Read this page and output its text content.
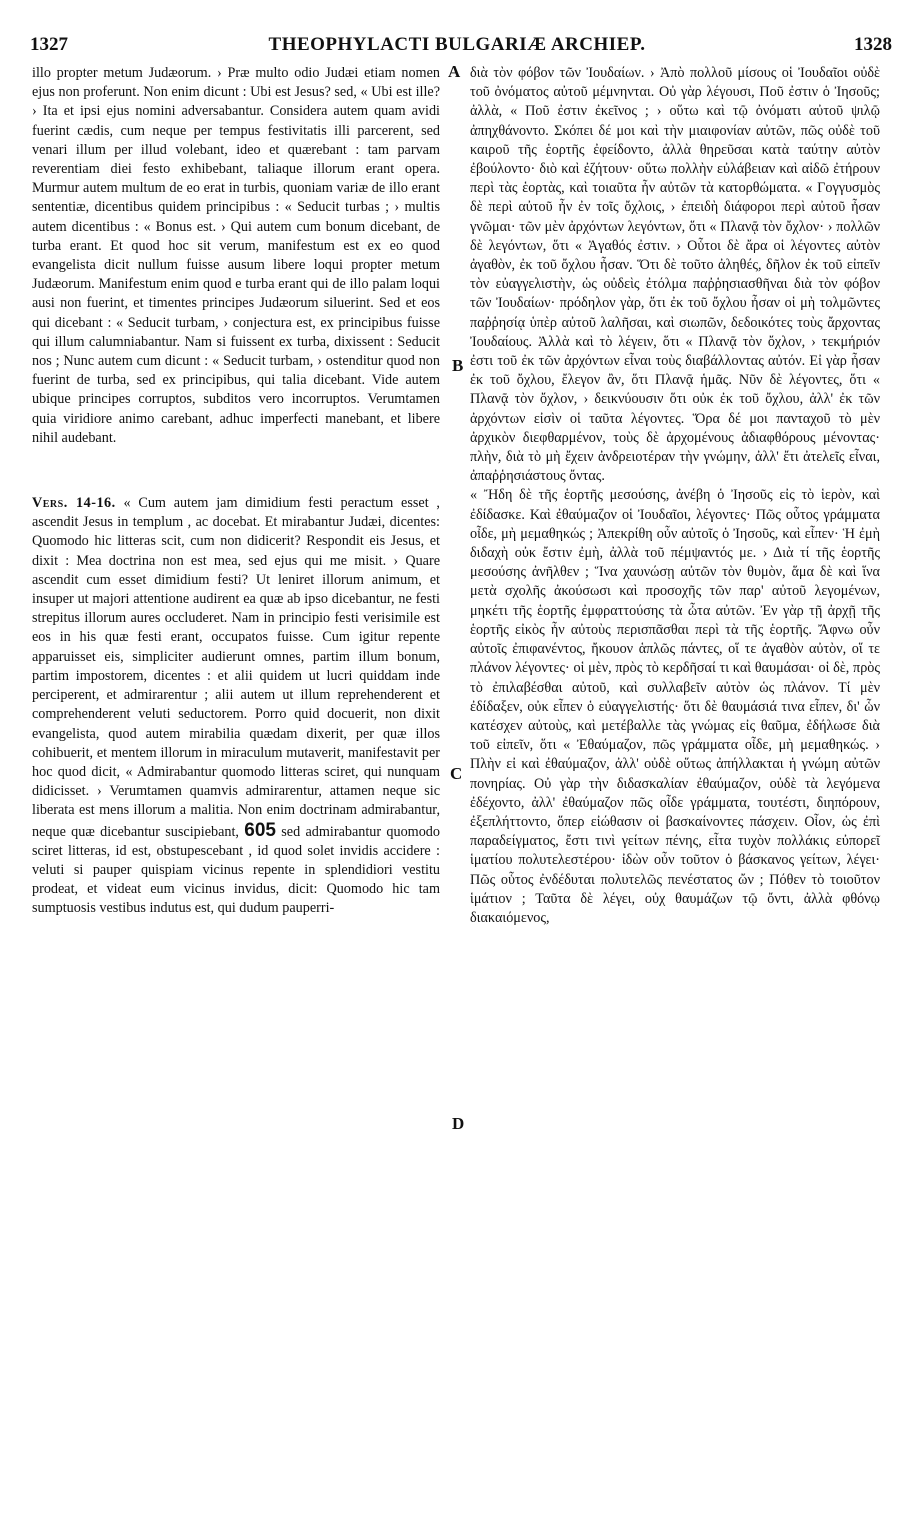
1327	THEOPHYLACTI BULGARIÆ ARCHIEP.	1328

illo propter metum Judæorum. › Præ multo odio Judæi etiam nomen ejus non proferunt. Non enim dicunt : Ubi est Jesus? sed, « Ubi est ille? › Ita et ipsi ejus nomini adversabantur. Considera autem quam avidi fuerint cædis, cum neque per tempus festivitatis illi parcerent, sed venari illum per illud volebant, ideo et quærebant : tam parvam reverentiam diei festo exhibebant, taliaque illorum erant opera. Murmur autem multum de eo erat in turbis, quoniam variæ de illo erant sententiæ, dicentibus quidem principibus : « Seducit turbas ; › multis autem dicentibus : « Bonus est. › Qui autem cum bonum dicebant, de turba erant. Et quod hoc sit verum, manifestum est ex eo quod evangelista dicit nullum fuisse ausum libere loqui propter metum Judæorum. Manifestum enim quod e turba erant qui de illo palam loqui ausi non fuerint, et timentes principes Judæorum siluerint. Sed et eos qui dicebant : « Seducit turbam, › conjectura est, ex principibus fuisse qui illum calumniabantur. Nam si fuissent ex turba, dixissent : Seducit nos ; Nunc autem cum dicunt : « Seducit turbam, › ostenditur quod non fuerint de turba, sed ex principibus, qui talia dicebant. Vide autem ubique principes corruptos, subditos vero incorruptos. Verumtamen quia viridiore animo carebant, adhuc imperfecti manebant, et libere nihil audebant.

Vers. 14-16. « Cum autem jam dimidium festi peractum esset , ascendit Jesus in templum , ac docebat. Et mirabantur Judæi, dicentes: Quomodo hic litteras scit, cum non didicerit? Respondit eis Jesus, et dixit : Mea doctrina non est mea, sed ejus qui me misit. › Quare ascendit cum esset dimidium festi? Ut leniret illorum animum, et insuper ut majori attentione audirent ea quæ ab ipso dicebantur, ne festi strepitus illorum aures occluderet. Nam in principio festi verisimile est eos in his quæ festi erant, occupatos fuisse. Cum igitur repente apparuisset eis, simpliciter audierunt omnes, partim illum bonum, partim impostorem, dicentes : et alii quidem ut lucri quiddam inde perciperent, et admirarentur ; alii autem ut illum reprehenderent et comprehenderent veluti seductorem. Porro quid docuerit, non dixit evangelista, quod autem mirabilia quædam dixerit, per quæ illos cohibuerit, et mentem illorum in miraculum mutaverit, manifestavit per hoc quod dicit, « Admirabantur quomodo litteras sciret, qui nunquam didicisset. › Verumtamen quamvis admirarentur, attamen neque sic liberata est mens illorum a malitia. Non enim doctrinam admirabantur, neque quæ dicebantur suscipiebant, 605 sed admirabantur quomodo sciret litteras, id est, obstupescebant , id quod solet invidis accidere : veluti si pauper quispiam vicinus repente in splendidiori vestitu prodeat, et videat eum vicinus invidus, dicit: Quomodo hic tam sumptuosis vestibus indutus est, qui dudum pauperri-

A
B
C
D

διὰ τὸν φόβον τῶν Ἰουδαίων. › Ἀπὸ πολλοῦ μίσους οἱ Ἰουδαῖοι οὐδὲ τοῦ ὀνόματος αὐτοῦ μέμνηνται. Οὐ γὰρ λέγουσι, Ποῦ ἐστιν ὁ Ἰησοῦς; ἀλλὰ, « Ποῦ ἐστιν ἐκεῖνος ; › οὕτω καὶ τῷ ὀνόματι αὐτοῦ ψιλῷ ἀπηχθάνοντο. Σκόπει δέ μοι καὶ τὴν μιαιφονίαν αὐτῶν, πῶς οὐδὲ τοῦ καιροῦ τῆς ἑορτῆς ἐφείδοντο, ἀλλὰ θηρεῦσαι κατὰ ταύτην αὐτὸν ἐβούλοντο· διὸ καὶ ἐζήτουν· οὕτω πολλὴν εὐλάβειαν καὶ αἰδῶ ἐτήρουν περὶ τὰς ἑορτὰς, καὶ τοιαῦτα ἦν αὐτῶν τὰ κατορθώματα. « Γογγυσμὸς δὲ περὶ αὐτοῦ ἦν ἐν τοῖς ὄχλοις, › ἐπειδὴ διάφοροι περὶ αὐτοῦ ἦσαν γνῶμαι· τῶν μὲν ἀρχόντων λεγόντων, ὅτι « Πλανᾷ τὸν ὄχλον· › πολλῶν δὲ λεγόντων, ὅτι « Ἀγαθός ἐστιν. › Οὗτοι δὲ ἄρα οἱ λέγοντες αὐτὸν ἀγαθὸν, ἐκ τοῦ ὄχλου ἦσαν. Ὅτι δὲ τοῦτο ἀληθές, δῆλον ἐκ τοῦ εἰπεῖν τὸν εὐαγγελιστὴν, ὡς οὐδεὶς ἐτόλμα παῤῥησιασθῆναι διὰ τὸν φόβον τῶν Ἰουδαίων· πρόδηλον γὰρ, ὅτι ἐκ τοῦ ὄχλου ἦσαν οἱ μὴ τολμῶντες παῤῥησίᾳ ὑπὲρ αὐτοῦ λαλῆσαι, καὶ σιωπῶν, δεδοικότες τοὺς ἄρχοντας Ἰουδαίους. Ἀλλὰ καὶ τὸ λέγειν, ὅτι « Πλανᾷ τὸν ὄχλον, › τεκμήριόν ἐστι τοῦ ἐκ τῶν ἀρχόντων εἶναι τοὺς διαβάλλοντας αὐτόν. Εἰ γὰρ ἦσαν ἐκ τοῦ ὄχλου, ἔλεγον ἂν, ὅτι Πλανᾷ ἡμᾶς. Νῦν δὲ λέγοντες, ὅτι « Πλανᾷ τὸν ὄχλον, › δεικνύουσιν ὅτι οὐκ ἐκ τοῦ ὄχλου, ἀλλ' ἐκ τῶν ἀρχόντων εἰσὶν οἱ ταῦτα λέγοντες. Ὅρα δέ μοι πανταχοῦ τὸ μὲν ἀρχικὸν διεφθαρμένον, τοὺς δὲ ἀρχομένους ἀδιαφθόρους μένοντας· πλὴν, διὰ τὸ μὴ ἔχειν ἀνδρειοτέραν τὴν γνώμην, ἀλλ' ἔτι ἀτελεῖς εἶναι, ἀπαῤῥησιάστους ὄντας.

« Ἤδη δὲ τῆς ἑορτῆς μεσούσης, ἀνέβη ὁ Ἰησοῦς εἰς τὸ ἱερὸν, καὶ ἐδίδασκε. Καὶ ἐθαύμαζον οἱ Ἰουδαῖοι, λέγοντες· Πῶς οὗτος γράμματα οἶδε, μὴ μεμαθηκώς ; Ἀπεκρίθη οὖν αὐτοῖς ὁ Ἰησοῦς, καὶ εἶπεν· Ἡ ἐμὴ διδαχὴ οὐκ ἔστιν ἐμὴ, ἀλλὰ τοῦ πέμψαντός με. › Διὰ τί τῆς ἑορτῆς μεσούσης ἀνῆλθεν ; Ἵνα χαυνώσῃ αὐτῶν τὸν θυμὸν, ἅμα δὲ καὶ ἵνα μετὰ σχολῆς ἀκούσωσι καὶ προσοχῆς τῶν παρ' αὐτοῦ λεγομένων, μηκέτι τῆς ἑορτῆς ἐμφραττούσης τὰ ὦτα αὐτῶν. Ἐν γὰρ τῇ ἀρχῇ τῆς ἑορτῆς εἰκὸς ἦν αὐτοὺς περισπᾶσθαι περὶ τὰ τῆς ἑορτῆς. Ἄφνω οὖν αὐτοῖς ἐπιφανέντος, ἤκουον ἁπλῶς πάντες, οἵ τε ἀγαθὸν αὐτὸν, οἵ τε πλάνον λέγοντες· οἱ μὲν, πρὸς τὸ κερδῆσαί τι καὶ θαυμάσαι· οἱ δὲ, πρὸς τὸ ἐπιλαβέσθαι αὐτοῦ, καὶ συλλαβεῖν αὐτὸν ὡς πλάνον. Τί μὲν ἐδίδαξεν, οὐκ εἶπεν ὁ εὐαγγελιστής· ὅτι δὲ θαυμάσιά τινα εἶπεν, δι' ὧν κατέσχεν αὐτοὺς, καὶ μετέβαλλε τὰς γνώμας εἰς θαῦμα, ἐδήλωσε διὰ τοῦ εἰπεῖν, ὅτι « Ἐθαύμαζον, πῶς γράμματα οἶδε, μὴ μεμαθηκώς. › Πλὴν εἰ καὶ ἐθαύμαζον, ἀλλ' οὐδὲ οὕτως ἀπήλλακται ἡ γνώμη αὐτῶν πονηρίας. Οὐ γὰρ τὴν διδασκαλίαν ἐθαύμαζον, οὐδὲ τὰ λεγόμενα ἐδέχοντο, ἀλλ' ἐθαύμαζον πῶς οἶδε γράμματα, τουτέστι, διηπόρουν, ἐξεπλήττοντο, ὅπερ εἰώθασιν οἱ βασκαίνοντες πάσχειν. Οἷον, ὡς ἐπὶ παραδείγματος, ἔστι τινὶ γείτων πένης, εἶτα τυχὸν πολλάκις εὐπορεῖ ἱματίου πολυτελεστέρου· ἰδὼν οὖν τοῦτον ὁ βάσκανος γείτων, λέγει· Πῶς οὗτος ἐνδέδυται πολυτελῶς πενέστατος ὤν ; Πόθεν τὸ τοιοῦτον ἱμάτιον ; Ταῦτα δὲ λέγει, οὐχ θαυμάζων τῷ ὄντι, ἀλλὰ φθόνῳ διακαιόμενος,
